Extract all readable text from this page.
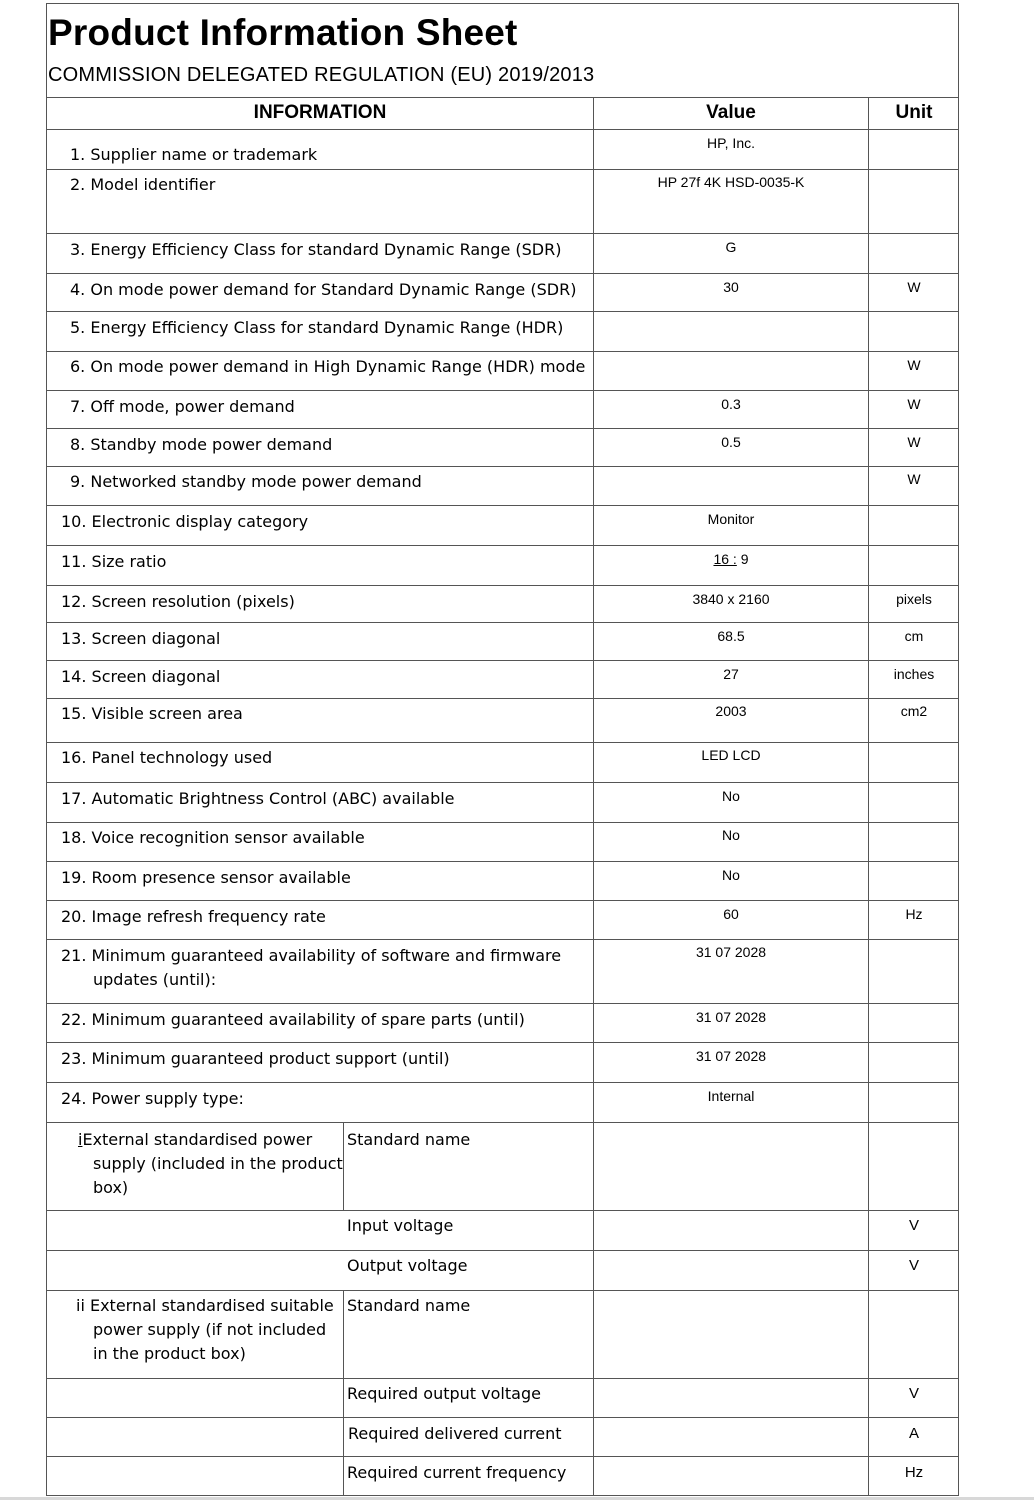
Product Information Sheet
COMMISSION DELEGATED REGULATION (EU) 2019/2013
INFORMATION	Value	Unit
1. Supplier name or trademark
2. Model identifier
3. Energy Efficiency Class for standard Dynamic Range (SDR)
4. On mode power demand for Standard Dynamic Range (SDR)
5. Energy Efficiency Class for standard Dynamic Range (HDR)
6. On mode power demand in High Dynamic Range (HDR) mode
7. Off mode, power demand
8. Standby mode power demand
9. Networked standby mode power demand
10. Electronic display category
11. Size ratio
12. Screen resolution (pixels)
13. Screen diagonal
14. Screen diagonal
15. Visible screen area
16. Panel technology used
17. Automatic Brightness Control (ABC) available
18. Voice recognition sensor available
19. Room presence sensor available
20. Image refresh frequency rate
21. Minimum guaranteed availability of software and firmware
updates (until):
22. Minimum guaranteed availability of spare parts (until)
23. Minimum guaranteed product support (until)
24. Power supply type:
HP, Inc.
HP 27f 4K HSD-0035-K
G
30
0.3
0.5
Monitor
16 : 9
3840 x 2160
68.5
27
2003
LED LCD
No
No
No
60
31 07 2028
31 07 2028
31 07 2028
Internal
W
W
W
W
W
pixels
cm
inches
cm2
Hz
iExternal standardised power
supply (included in the product
box)
ii External standardised suitable
power supply (if not included
in the product box)
Standard name
Input voltage
Output voltage
Standard name
Required output voltage
Required delivered current
Required current frequency
V
V
V
A
Hz
